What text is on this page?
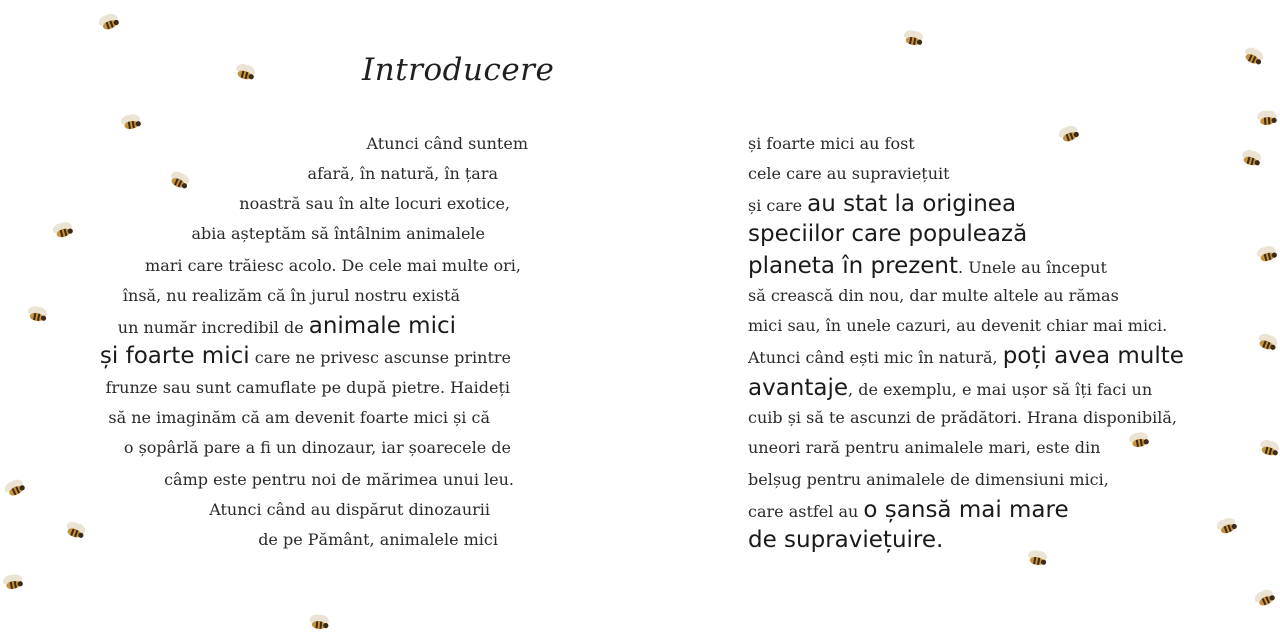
Introducere
Atunci când suntem
afară, în natură, în țara
noastră sau în alte locuri exotice,
abia așteptăm să întâlnim animalele
mari care trăiesc acolo. De cele mai multe ori,
însă, nu realizăm că în jurul nostru există
un număr incredibil de animale mici
și foarte mici care ne privesc ascunse printre
frunze sau sunt camuflate pe după pietre. Haideți
să ne imaginăm că am devenit foarte mici și că
o șopârlă pare a fi un dinozaur, iar șoarecele de
câmp este pentru noi de mărimea unui leu.
Atunci când au dispărut dinozaurii
de pe Pământ, animalele mici
și foarte mici au fost
cele care au supraviețuit
și care au stat la originea
speciilor care populează
planeta în prezent. Unele au început
să crească din nou, dar multe altele au rămas
mici sau, în unele cazuri, au devenit chiar mai mici.
Atunci când ești mic în natură, poți avea multe
avantaje, de exemplu, e mai ușor să îți faci un
cuib și să te ascunzi de prădători. Hrana disponibilă,
uneori rară pentru animalele mari, este din
belșug pentru animalele de dimensiuni mici,
care astfel au o șansă mai mare
de supraviețuire.
